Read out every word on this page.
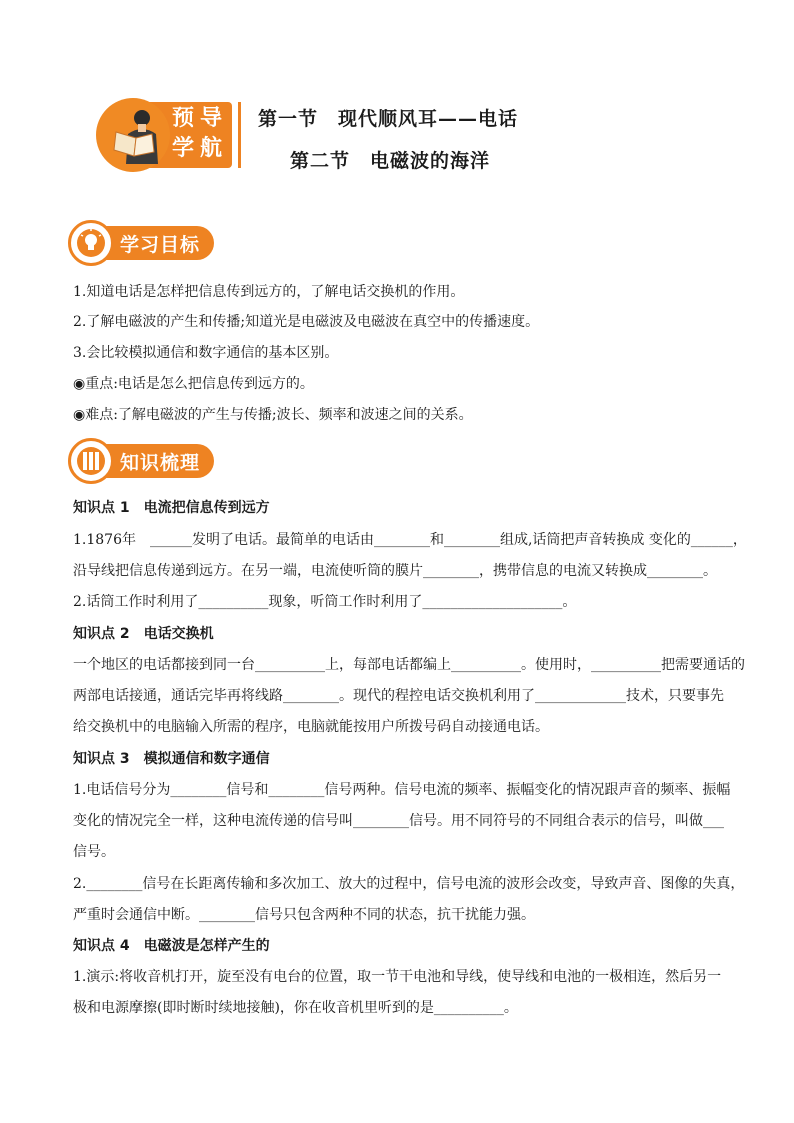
预导
学航
第一节　现代顺风耳——电话
第二节　电磁波的海洋
学习目标
1.知道电话是怎样把信息传到远方的，了解电话交换机的作用。
2.了解电磁波的产生和传播;知道光是电磁波及电磁波在真空中的传播速度。
3.会比较模拟通信和数字通信的基本区别。
◉重点:电话是怎么把信息传到远方的。
◉难点:了解电磁波的产生与传播;波长、频率和波速之间的关系。
知识梳理
知识点 1　电流把信息传到远方
1.1876年　______发明了电话。最简单的电话由________和________组成,话筒把声音转换成 变化的______，
沿导线把信息传递到远方。在另一端，电流使听筒的膜片________，携带信息的电流又转换成________。
2.话筒工作时利用了__________现象，听筒工作时利用了____________________。
知识点 2　电话交换机
一个地区的电话都接到同一台__________上，每部电话都编上__________。使用时，__________把需要通话的
两部电话接通，通话完毕再将线路________。现代的程控电话交换机利用了_____________技术，只要事先
给交换机中的电脑输入所需的程序，电脑就能按用户所拨号码自动接通电话。
知识点 3　模拟通信和数字通信
1.电话信号分为________信号和________信号两种。信号电流的频率、振幅变化的情况跟声音的频率、振幅
变化的情况完全一样，这种电流传递的信号叫________信号。用不同符号的不同组合表示的信号，叫做___
信号。
2.________信号在长距离传输和多次加工、放大的过程中，信号电流的波形会改变，导致声音、图像的失真，
严重时会通信中断。________信号只包含两种不同的状态，抗干扰能力强。
知识点 4　电磁波是怎样产生的
1.演示:将收音机打开，旋至没有电台的位置，取一节干电池和导线，使导线和电池的一极相连，然后另一
极和电源摩擦(即时断时续地接触)，你在收音机里听到的是__________。
